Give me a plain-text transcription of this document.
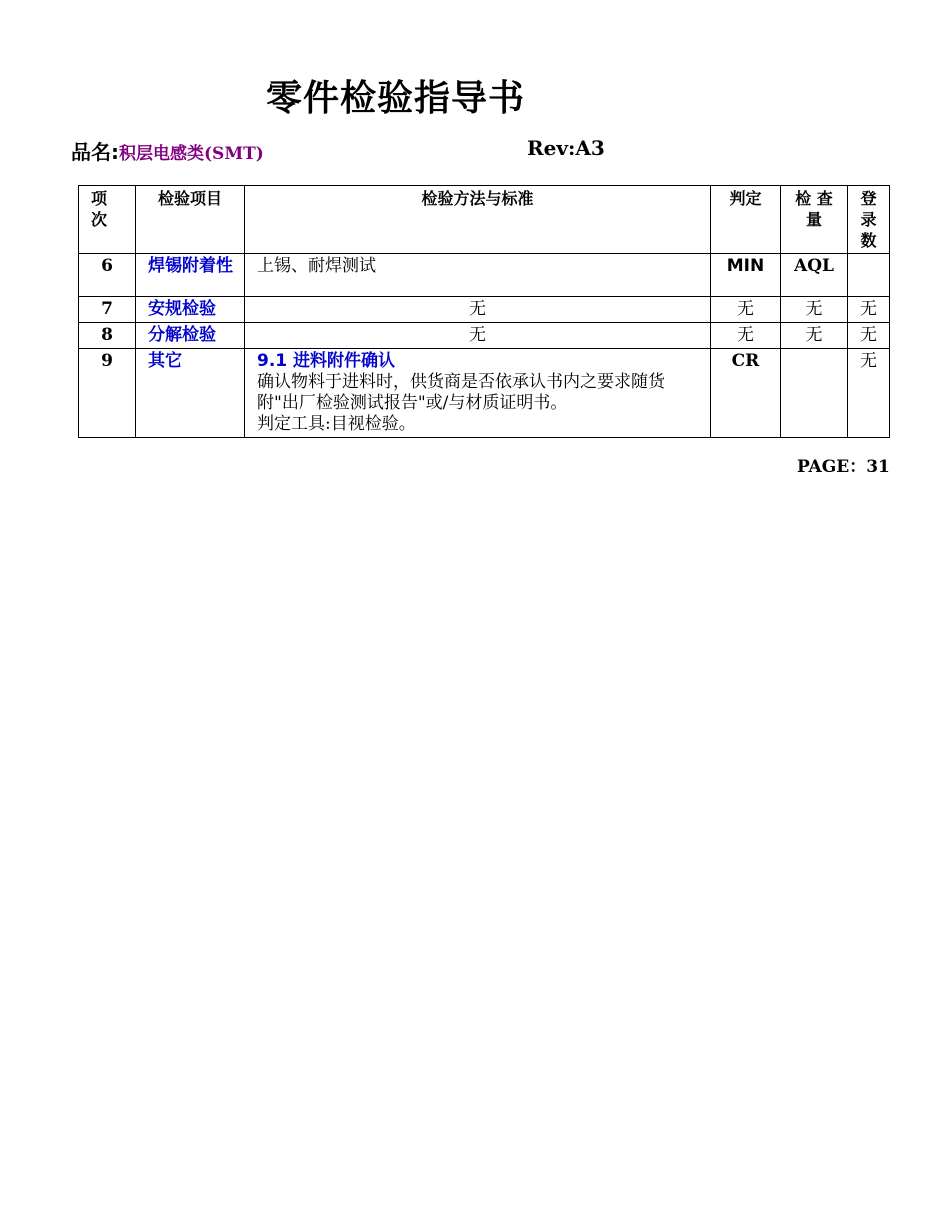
零件检验指导书
品名:积层电感类(SMT)	Rev:A3
项次	检验项目	检验方法与标准	判定	检 查 量	登 录 数
6	焊锡附着性	上锡、耐焊测试	MIN	AQL	
7	安规检验	无	无	无	无
8	分解检验	无	无	无	无
9	其它	9.1 进料附件确认
确认物料于进料时，供货商是否依承认书内之要求随货附"出厂检验测试报告"或/与材质证明书。
判定工具:目视检验。	CR		无
PAGE：31
